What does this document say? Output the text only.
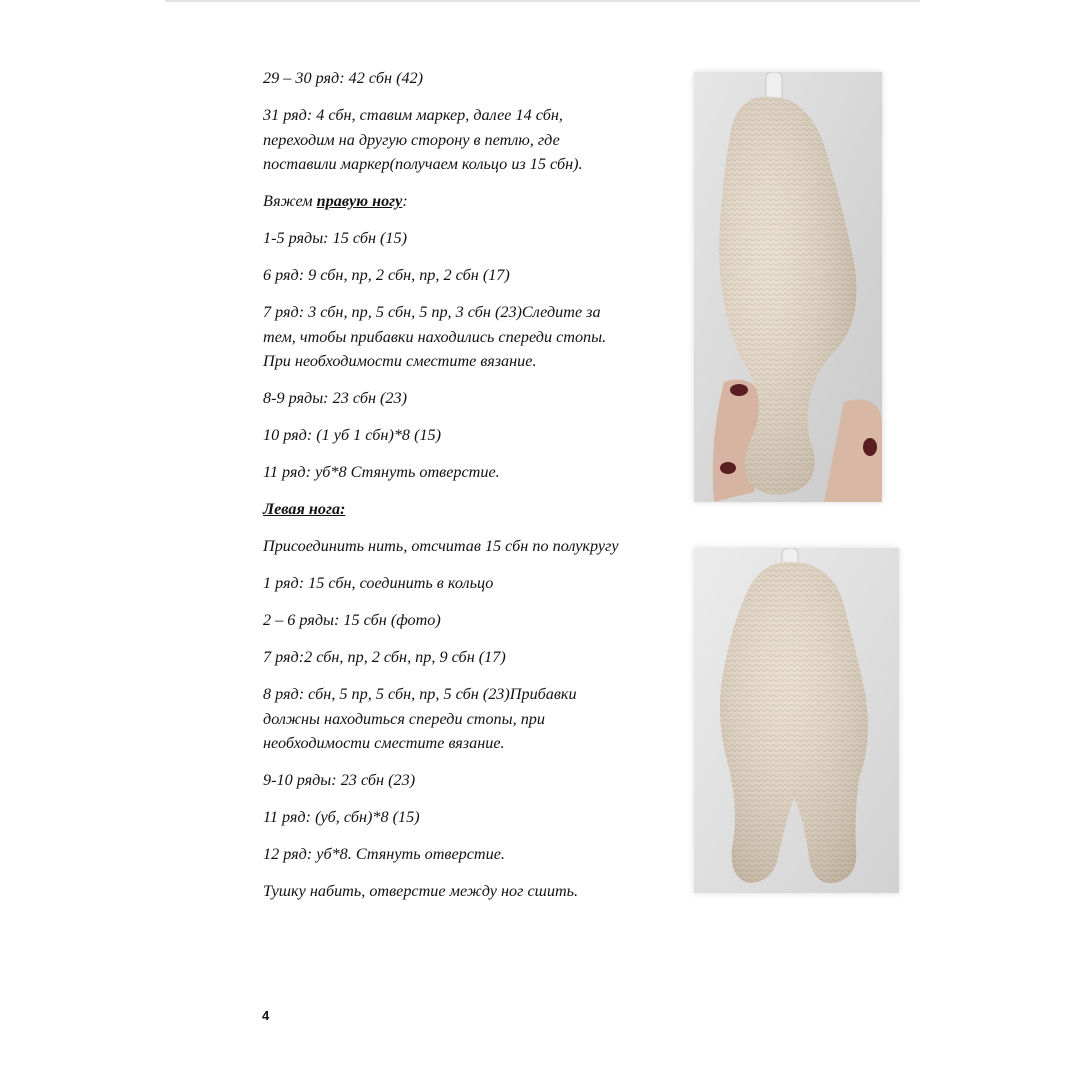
29 – 30 ряд: 42 сбн (42)

31 ряд: 4 сбн, ставим маркер, далее 14 сбн,
переходим на другую сторону в петлю, где
поставили маркер(получаем кольцо из 15 сбн).

Вяжем правую ногу:

1-5 ряды: 15 сбн (15)

6 ряд: 9 сбн, пр, 2 сбн, пр, 2 сбн (17)

7 ряд: 3 сбн, пр, 5 сбн, 5 пр, 3 сбн (23)Следите за
тем, чтобы прибавки находились спереди стопы.
При необходимости сместите вязание.

8-9 ряды: 23 сбн (23)

10 ряд: (1 уб 1 сбн)*8 (15)

11 ряд: уб*8 Стянуть отверстие.

Левая нога:

Присоединить нить, отсчитав 15 сбн по полукругу

1 ряд: 15 сбн, соединить в кольцо

2 – 6 ряды: 15 сбн (фото)

7 ряд:2 сбн, пр, 2 сбн, пр, 9 сбн (17)

8 ряд: сбн, 5 пр, 5 сбн, пр, 5 сбн (23)Прибавки
должны находиться спереди стопы, при
необходимости сместите вязание.

9-10 ряды: 23 сбн (23)

11 ряд: (уб, сбн)*8 (15)

12 ряд: уб*8. Стянуть отверстие.

Тушку набить, отверстие между ног сшить.

4
